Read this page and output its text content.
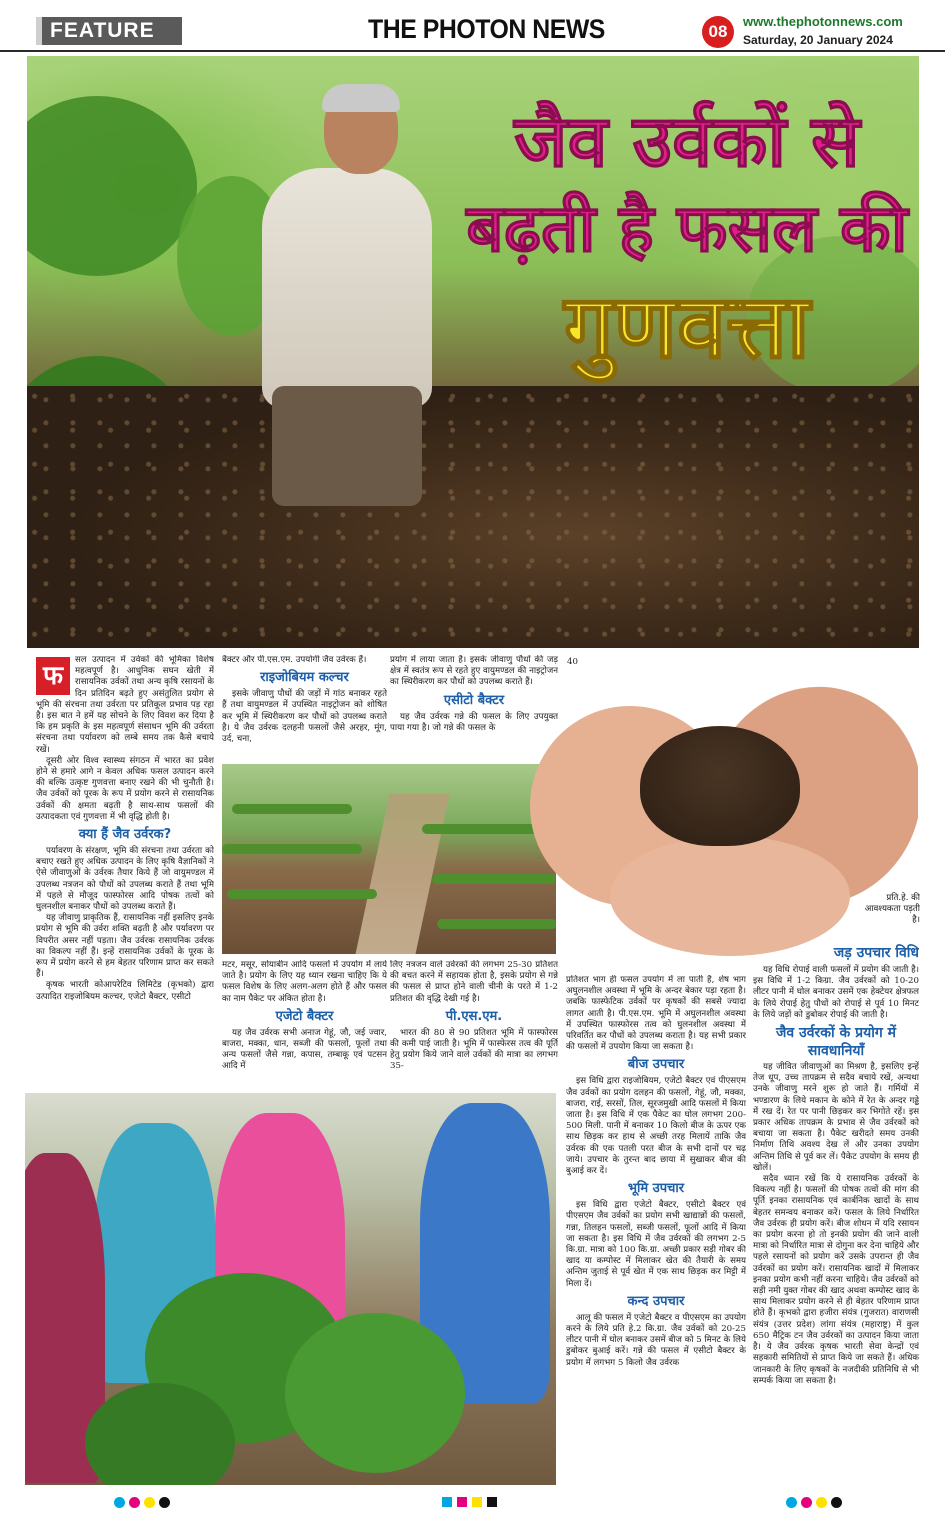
FEATURE	THE PHOTON NEWS	08
www.thephotonnews.com
Saturday, 20 January 2024
जैव उर्वकों से
बढ़ती है फसल की
गुणवत्ता
फ

सल उत्पादन में उर्वकों की भूमिका विशेष महत्वपूर्ण है। आधुनिक सघन खेती में रासायनिक उर्वकों तथा अन्य कृषि रसायनों के दिन प्रतिदिन बढ़ते हुए असंतुलित प्रयोग से भूमि की संरचना तथा उर्वरता पर प्रतिकूल प्रभाव पड़ रहा है। इस बात ने हमें यह सोचने के लिए विवश कर दिया है कि हम प्रकृति के इस महत्वपूर्ण संसाधन भूमि की उर्वरता संरचना तथा पर्यावरण को लम्बे समय तक कैसे बचाये रखें।

दूसरी ओर विश्व स्वास्थ्य संगठन में भारत का प्रवेश होने से हमारे आगे न केवल अधिक फसल उत्पादन करने की बल्कि उत्कृष्ट गुणवत्ता बनाए रखने की भी चुनौती है। जैव उर्वकों को पूरक के रूप में प्रयोग करने से रासायनिक उर्वकों की क्षमता बढ़ती है साथ-साथ फसलों की उत्पादकता एवं गुणवत्ता में भी वृद्धि होती है।

क्या हैं जैव उर्वरक?

पर्यावरण के संरक्षण, भूमि की संरचना तथा उर्वरता को बचाए रखते हुए अधिक उत्पादन के लिए कृषि वैज्ञानिकों ने ऐसे जीवाणुओं के उर्वरक तैयार किये हैं जो वायुमण्डल में उपलब्ध नत्रजन को पौधों को उपलब्ध कराते हैं तथा भूमि में पहले से मौजूद फास्फोरस आदि पोषक तत्वों को घुलनशील बनाकर पौधों को उपलब्ध कराते हैं।

यह जीवाणु प्राकृतिक हैं, रासायनिक नहीं इसलिए इनके प्रयोग से भूमि की उर्वरा शक्ति बढ़ती है और पर्यावरण पर विपरीत असर नहीं पड़ता। जैव उर्वरक रासायनिक उर्वरक का विकल्प नहीं हैं। इन्हें रासायनिक उर्वकों के पूरक के रूप में प्रयोग करने से हम बेहतर परिणाम प्राप्त कर सकते हैं।

कृषक भारती कोआपरेटिव लिमिटेड (कृभको) द्वारा उत्पादित राइजोबियम कल्चर, एजेटो बैक्टर, एसीटो

बैक्टर और पी.एस.एम. उपयोगी जैव उर्वरक हैं।

राइजोबियम कल्चर

इसके जीवाणु पौधों की जड़ों में गांठ बनाकर रहते हैं तथा वायुमण्डल में उपस्थित नाइट्रोजन को शोषित कर भूमि में स्थिरीकरण कर पौधों को उपलब्ध कराते है। ये जैव उर्वरक दलहनी फसलों जैसे अरहर, मूंग, उर्द, चना,

मटर, मसूर, सोयाबीन आदि फसलों में उपयोग में लाये जाते है। प्रयोग के लिए यह ध्यान रखना चाहिए कि ये फसल विशेष के लिए अलग-अलग होते हैं और फसल का नाम पैकेट पर अंकित होता है।

एजेटो बैक्टर

यह जैव उर्वरक सभी अनाज गेहूं, जौ, जई ज्वार, बाजरा, मक्का, धान, सब्जी की फसलों, फूलों तथा अन्य फसलों जैसे गन्ना, कपास, तम्बाकू एवं पटसन आदि में

प्रयोग में लाया जाता है। इसके जीवाणु पौधों की जड़ क्षेत्र में स्वतंत्र रूप से रहते हुए वायुमण्डल की नाइट्रोजन का स्थिरीकरण कर पौधों को उपलब्ध कराते हैं।

एसीटो बैक्टर

यह जैव उर्वरक गन्ने की फसल के लिए उपयुक्त पाया गया है। जो गन्ने की फसल के

लिए नत्रजन वाले उर्वरकों की लगभग 25-30 प्रतिशत की बचत करने में सहायक होता है, इसके प्रयोग से गन्ने की फसल से प्राप्त होने वाली चीनी के परते में 1-2 प्रतिशत की वृद्धि देखी गई है।

पी.एस.एम.

भारत की 80 से 90 प्रतिशत भूमि में फास्फोरस की कमी पाई जाती है। भूमि में फास्फेरस तत्व की पूर्ति हेतु प्रयोग किये जाने वाले उर्वकों की मात्रा का लगभग 35-

40
प्रति.हे. की आवश्यकता पड़ती है।

प्रतिशत भाग ही फसल उपयोग में ला पाती है, शेष भाग अघुलनशील अवस्था में भूमि के अन्दर बेकार पड़ा रहता है। जबकि फास्फेटिक उर्वकों पर कृषकों की सबसे ज्यादा लागत आती है। पी.एस.एम. भूमि में अघुलनशील अवस्था में उपस्थित फास्फोरस तत्व को घुलनशील अवस्था में परिवर्तित कर पौधों को उपलब्ध कराता है। यह सभी प्रकार की फसलों में उपयोग किया जा सकता है।

बीज उपचार

इस विधि द्वारा राइजोबियम, एजेटो बैक्टर एवं पीएसएम जैव उर्वकों का प्रयोग दलहन की फसलों, गेहूं, जौ, मक्का, बाजरा, राई, सरसों, तिल, सूरजमुखी आदि फसलों में किया जाता है। इस विधि में एक पैकेट का घोल लगभग 200-500 मिली. पानी में बनाकर 10 किलो बीज के ऊपर एक साथ छिड़क कर हाथ से अच्छी तरह मिलायें ताकि जैव उर्वरक की एक पतली परत बीज के सभी दानों पर चढ़ जाये। उपचार के तुरन्त बाद छाया में सुखाकर बीज की बुआई कर दें।

भूमि उपचार

इस विधि द्वारा एजेटो बैक्टर, एसीटो बैक्टर एवं पीएसएम जैव उर्वकों का प्रयोग सभी खाद्यान्नों की फसलों, गन्ना, तिलहन फसलों, सब्जी फसलों, फूलों आदि में किया जा सकता है। इस विधि में जैव उर्वरकों की लगभग 2-5 कि.ग्रा. मात्रा को 100 कि.ग्रा. अच्छी प्रकार सड़ी गोबर की खाद या कम्पोस्ट में मिलाकर खेत की तैयारी के समय अन्तिम जुताई से पूर्व खेत में एक साथ छिड़क कर मिट्टी में मिला दें।

कन्द उपचार

आलू की फसल में एजेटो बैक्टर व पीएसएम का उपयोग करने के लिये प्रति हे.2 कि.ग्रा. जैव उर्वकों को 20-25 लीटर पानी में घोल बनाकर उसमें बीज को 5 मिनट के लिये डुबोकर बुआई करें। गन्ने की फसल में एसीटो बैक्टर के प्रयोग में लगभग 5 किलो जैव उर्वरक

जड़ उपचार विधि

यह विधि रोपाई वाली फसलों में प्रयोग की जाती है। इस विधि में 1-2 किग्रा. जैव उर्वरकों को 10-20 लीटर पानी में घोल बनाकर उसमें एक हेक्टेयर क्षेत्रफल के लिये रोपाई हेतु पौधों को रोपाई से पूर्व 10 मिनट के लिये जड़ों को डुबोकर रोपाई की जाती है।

जैव उर्वरकों के प्रयोग में सावधानियाँ

यह जीवित जीवाणुओं का मिश्रण है, इसलिए इन्हें तेज धूप, उच्च तापक्रम से सदैव बचाये रखें, अन्यथा उनके जीवाणु मरने शुरू हो जाते हैं। गर्मियों में भण्डारण के लिये मकान के कोने में रेत के अन्दर गड्ढे में रख दें। रेत पर पानी छिड़कर कर भिगोते रहें। इस प्रकार अधिक तापक्रम के प्रभाव से जैव उर्वरकों को बचाया जा सकता है। पैकेट खरीदते समय उनकी निर्माण तिथि अवश्य देख लें और उनका उपयोग अन्तिम तिथि से पूर्व कर लें। पैकेट उपयोग के समय ही खोलें।

सदैव ध्यान रखें कि ये रासायनिक उर्वरकों के विकल्प नहीं है। फसलों की पोषक तत्वों की मांग की पूर्ति इनका रासायनिक एवं कार्बनिक खादों के साथ बेहतर समन्वय बनाकर करें। फसल के लिये निर्धारित जैव उर्वरक ही प्रयोग करें। बीज शोधन में यदि रसायन का प्रयोग करना हो तो इनकी प्रयोग की जाने वाली मात्रा को निर्धारित मात्रा से दोगुना कर देना चाहिये और पहले रसायनों को प्रयोग करें उसके उपरान्त ही जैव उर्वरकों का प्रयोग करें। रासायनिक खादों में मिलाकर इनका प्रयोग कभी नहीं करना चाहिये। जैव उर्वरकों को सड़ी नमी युक्त गोबर की खाद अथवा कम्पोस्ट खाद के साथ मिलाकर प्रयोग करने से ही बेहतर परिणाम प्राप्त होते हैं। कृभको द्वारा हजीरा संयंत्र (गुजरात) वाराणसी संयंत्र (उत्तर प्रदेश) लांगा संयंत्र (महाराष्ट्र) में कुल 650 मैट्रिक टन जैव उर्वरकों का उत्पादन किया जाता है। ये जैव उर्वरक कृषक भारती सेवा केन्द्रों एवं सहकारी समितियों से प्राप्त किये जा सकते हैं। अधिक जानकारी के लिए कृषकों के नजदीकी प्रतिनिधि से भी सम्पर्क किया जा सकता है।
